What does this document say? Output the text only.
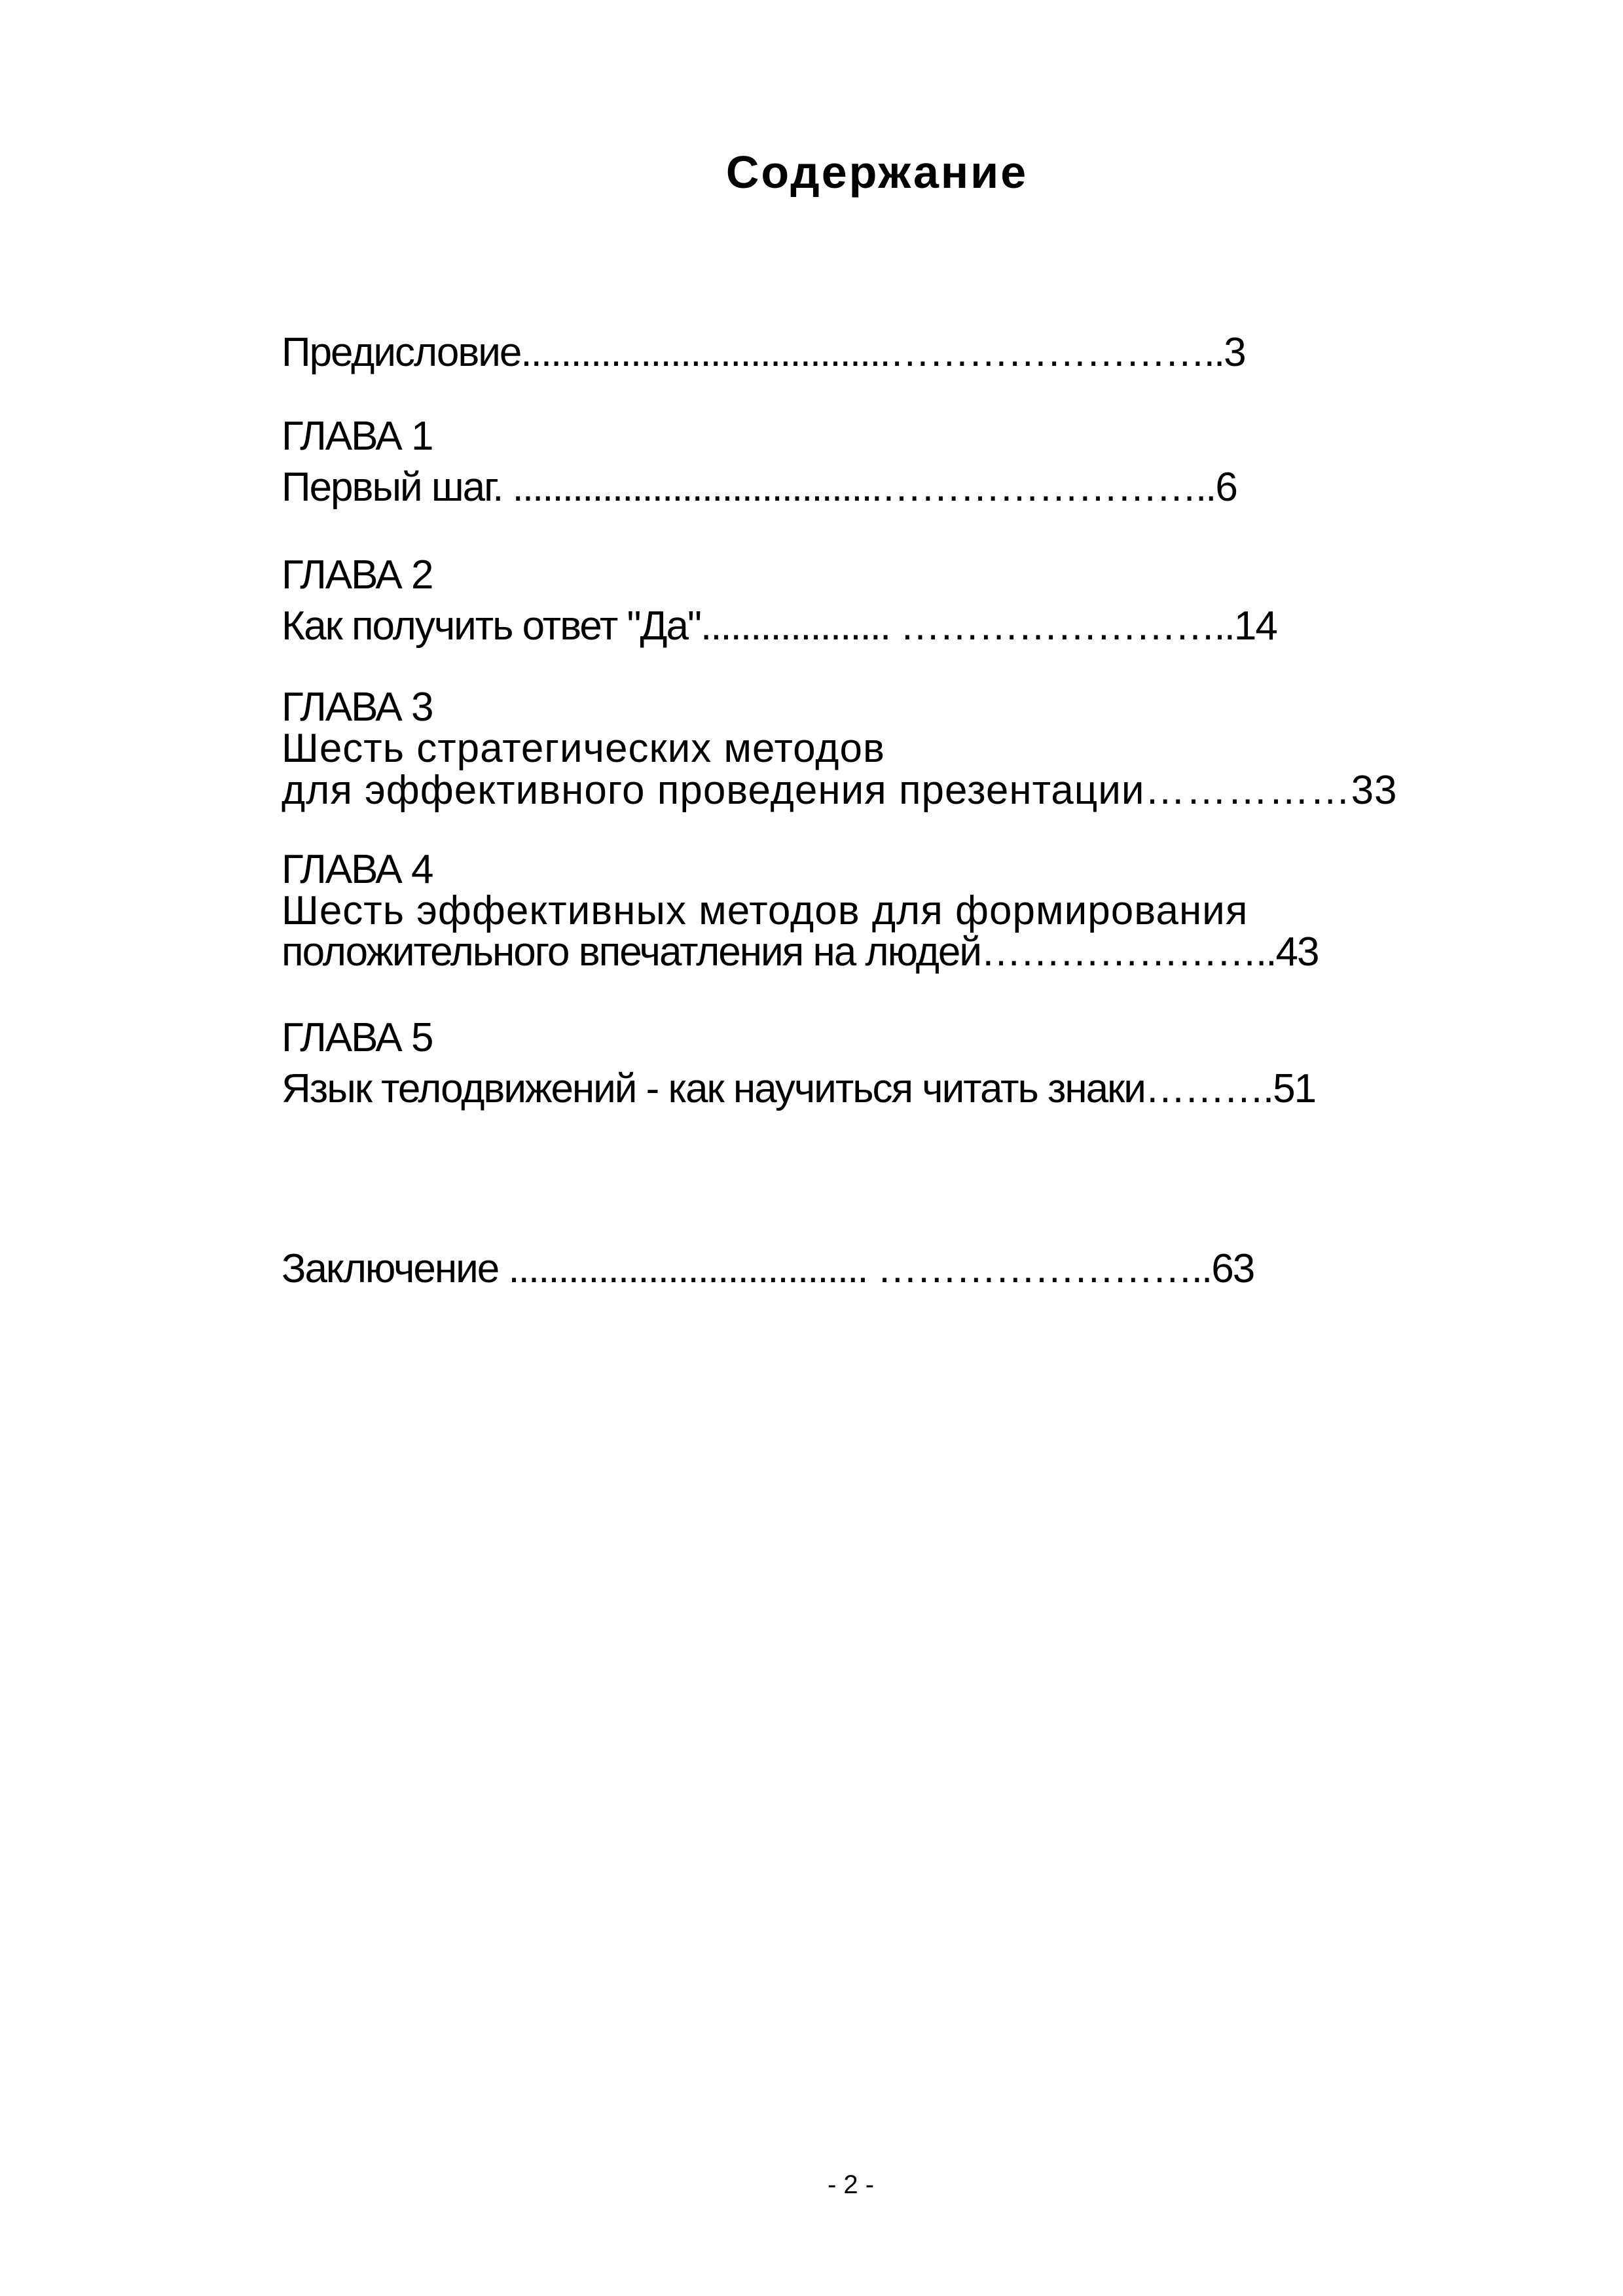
Содержание
Предисловие.....................................……………………..3
ГЛАВА 1
Первый шаг. .....................................……………………..6
ГЛАВА 2
Как получить ответ "Да"................... ……………………..14
ГЛАВА 3
Шесть стратегических методов
для эффективного проведения презентации……………33
ГЛАВА 4
Шесть эффективных методов для формирования
положительного впечатления на людей…………………..43
ГЛАВА 5
Язык телодвижений - как научиться читать знаки……….51
Заключение .................................... ……………………..63
- 2 -
